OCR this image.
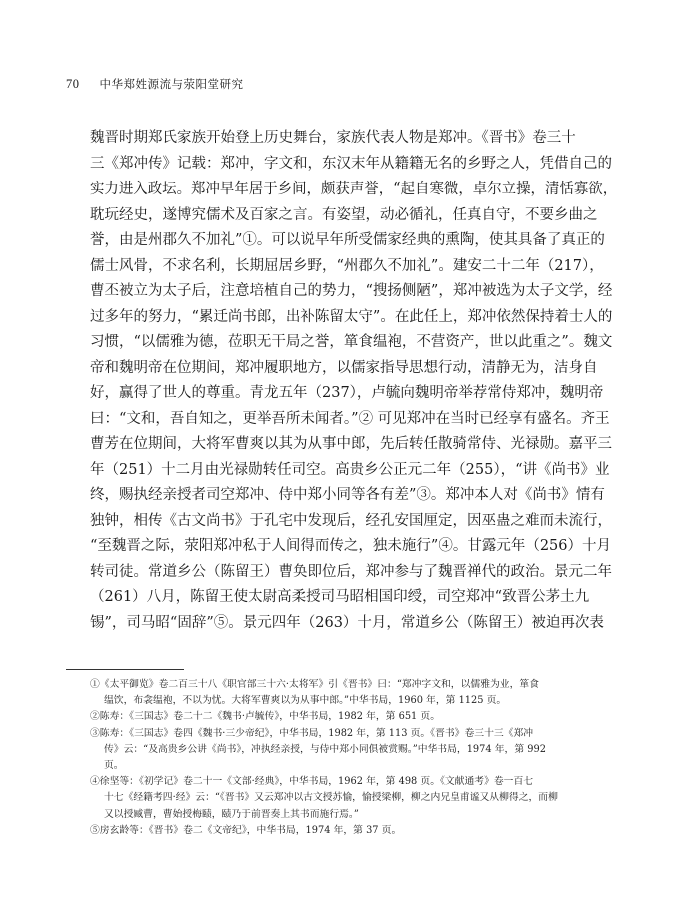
70 中华郑姓源流与荥阳堂研究
魏晋时期郑氏家族开始登上历史舞台，家族代表人物是郑冲。《晋书》卷三十
三《郑冲传》记载：郑冲，字文和，东汉末年从籍籍无名的乡野之人，凭借自己的
实力进入政坛。郑冲早年居于乡间，颇获声誉，“起自寒微，卓尔立操，清恬寡欲，
耽玩经史，遂博究儒术及百家之言。有姿望，动必循礼，任真自守，不要乡曲之
誉，由是州郡久不加礼”①。可以说早年所受儒家经典的熏陶，使其具备了真正的
儒士风骨，不求名利，长期屈居乡野，“州郡久不加礼”。建安二十二年（217），
曹丕被立为太子后，注意培植自己的势力，“搜扬侧陋”，郑冲被选为太子文学，经
过多年的努力，“累迁尚书郎，出补陈留太守”。在此任上，郑冲依然保持着士人的
习惯，“以儒雅为德，莅职无干局之誉，箪食缊袍，不营资产，世以此重之”。魏文
帝和魏明帝在位期间，郑冲履职地方，以儒家指导思想行动，清静无为，洁身自
好，赢得了世人的尊重。青龙五年（237），卢毓向魏明帝举荐常侍郑冲，魏明帝
曰：“文和，吾自知之，更举吾所未闻者。”② 可见郑冲在当时已经享有盛名。齐王
曹芳在位期间，大将军曹爽以其为从事中郎，先后转任散骑常侍、光禄勋。嘉平三
年（251）十二月由光禄勋转任司空。高贵乡公正元二年（255），“讲《尚书》业
终，赐执经亲授者司空郑冲、侍中郑小同等各有差”③。郑冲本人对《尚书》情有
独钟，相传《古文尚书》于孔宅中发现后，经孔安国厘定，因巫蛊之难而未流行，
“至魏晋之际，荥阳郑冲私于人间得而传之，独未施行”④。甘露元年（256）十月
转司徒。常道乡公（陈留王）曹奂即位后，郑冲参与了魏晋禅代的政治。景元二年
（261）八月，陈留王使太尉高柔授司马昭相国印绶，司空郑冲“致晋公茅土九
锡”，司马昭“固辞”⑤。景元四年（263）十月，常道乡公（陈留王）被迫再次表
①《太平御览》卷二百三十八《职官部三十六·太将军》引《晋书》曰：“郑冲字文和，以儒雅为业，箪食
缊饮，布衾缊袍，不以为忧。大将军曹爽以为从事中郎。”中华书局，1960 年，第 1125 页。
②陈寿：《三国志》卷二十二《魏书·卢毓传》，中华书局，1982 年，第 651 页。
③陈寿：《三国志》卷四《魏书·三少帝纪》，中华书局，1982 年，第 113 页。《晋书》卷三十三《郑冲
传》云：“及高贵乡公讲《尚书》，冲执经亲授，与侍中郑小同俱被赏赐。”中华书局，1974 年，第 992
页。
④徐坚等：《初学记》卷二十一《文部·经典》，中华书局，1962 年，第 498 页。《文献通考》卷一百七
十七《经籍考四·经》云：“《晋书》又云郑冲以古文授苏愉，愉授梁柳，柳之内兄皇甫谧又从柳得之，而柳
又以授臧曹，曹始授梅赜，赜乃于前晋奏上其书而施行焉。”
⑤房玄龄等：《晋书》卷二《文帝纪》，中华书局，1974 年，第 37 页。
